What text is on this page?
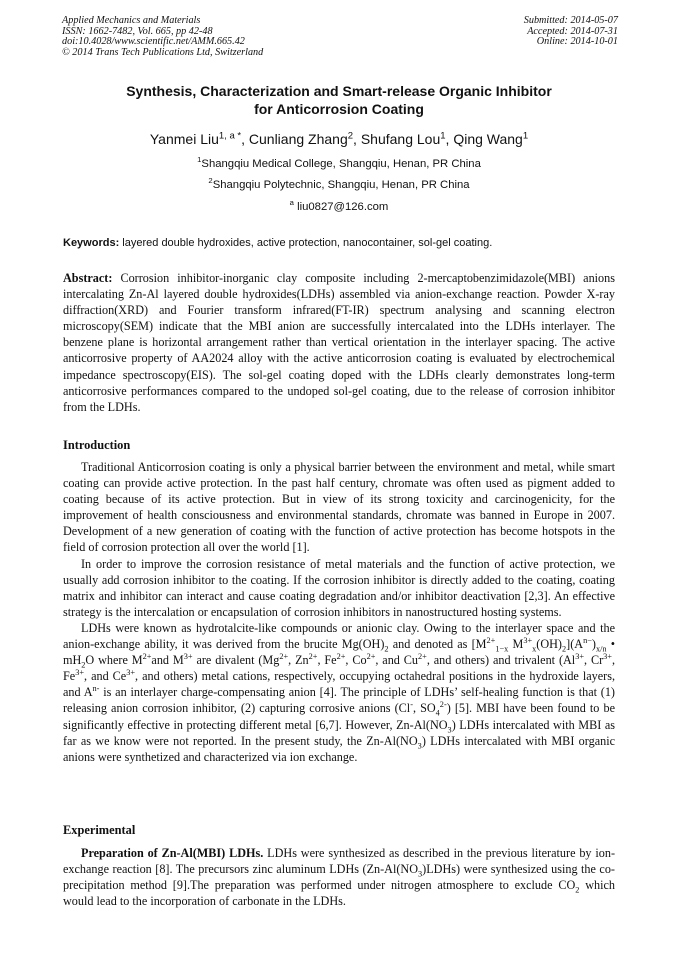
Applied Mechanics and Materials
ISSN: 1662-7482, Vol. 665, pp 42-48
doi:10.4028/www.scientific.net/AMM.665.42
© 2014 Trans Tech Publications Ltd, Switzerland
Submitted: 2014-05-07
Accepted: 2014-07-31
Online: 2014-10-01
Synthesis, Characterization and Smart-release Organic Inhibitor
for Anticorrosion Coating
Yanmei Liu$^{1, a *}$, Cunliang Zhang$^2$, Shufang Lou$^1$, Qing Wang$^1$
$^1$Shangqiu Medical College, Shangqiu, Henan, PR China
$^2$Shangqiu Polytechnic, Shangqiu, Henan, PR China
$^a$ liu0827@126.com
Keywords: layered double hydroxides, active protection, nanocontainer, sol-gel coating.

Abstract: Corrosion inhibitor-inorganic clay composite including 2-mercaptobenzimidazole(MBI) anions intercalating Zn-Al layered double hydroxides(LDHs) assembled via anion-exchange reaction. Powder X-ray diffraction(XRD) and Fourier transform infrared(FT-IR) spectrum analysing and scanning electron microscopy(SEM) indicate that the MBI anion are successfully intercalated into the LDHs interlayer. The benzene plane is horizontal arrangement rather than vertical orientation in the interlayer spacing. The active anticorrosive property of AA2024 alloy with the active anticorrosion coating is evaluated by electrochemical impedance spectroscopy(EIS). The sol-gel coating doped with the LDHs clearly demonstrates long-term anticorrosive performances compared to the undoped sol-gel coating, due to the release of corrosion inhibitor from the LDHs.

Introduction

Traditional Anticorrosion coating is only a physical barrier between the environment and metal, while smart coating can provide active protection. In the past half century, chromate was often used as pigment added to coating because of its active protection. But in view of its strong toxicity and carcinogenicity, for the improvement of health consciousness and environmental standards, chromate was banned in Europe in 2007. Development of a new generation of coating with the function of active protection has become hotspots in the field of corrosion protection all over the world [1].

In order to improve the corrosion resistance of metal materials and the function of active protection, we usually add corrosion inhibitor to the coating. If the corrosion inhibitor is directly added to the coating, coating matrix and inhibitor can interact and cause coating degradation and/or inhibitor deactivation [2,3]. An effective strategy is the intercalation or encapsulation of corrosion inhibitors in nanostructured hosting systems.

LDHs were known as hydrotalcite-like compounds or anionic clay. Owing to the interlayer space and the anion-exchange ability, it was derived from the brucite $Mg(OH)_2$ and denoted as [$M^{2+}_{1-x}$ $M^{3+}_x(OH)_2](A^{n-})_{x/n}$ • $mH_2O$ where $M^{2+}and$ $M^{3+}$ are divalent ($Mg^{2+}$, $Zn^{2+}$, $Fe^{2+}$, $Co^{2+}$, and $Cu^{2+}$, and others) and trivalent ($Al^{3+}$, $Cr^{3+}$, $Fe^{3+}$, and $Ce^{3+}$, and others) metal cations, respectively, occupying octahedral positions in the hydroxide layers, and $A^{n-}$ is an interlayer charge-compensating anion [4]. The principle of LDHs’ self-healing function is that (1) releasing anion corrosion inhibitor, (2) capturing corrosive anions (Cl-, $SO_4^{2-}$) [5]. MBI have been found to be significantly effective in protecting different metal [6,7]. However, $Zn-Al(NO_3)$ LDHs intercalated with MBI as far as we know were not reported. In the present study, the $Zn-Al(NO_3)$ LDHs intercalated with MBI organic anions were synthetized and characterized via ion exchange.

Experimental

Preparation of Zn-Al(MBI) LDHs. LDHs were synthesized as described in the previous literature by ion-exchange reaction [8]. The precursors zinc aluminum LDHs $(Zn-Al(NO_3)LDHs)$ were synthesized using the co-precipitation method [9].The preparation was performed under nitrogen atmosphere to exclude $CO_2$ which would lead to the incorporation of carbonate in the LDHs.
